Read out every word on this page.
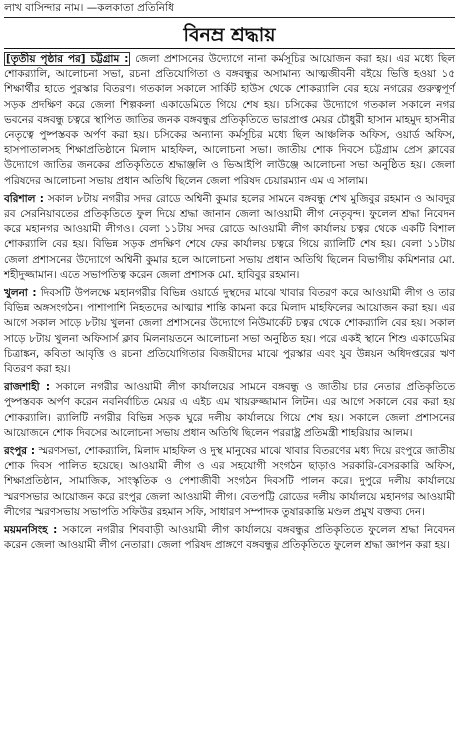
লাখ বাসিন্দার নাম। —কলকাতা প্রতিনিধি
বিনম্র শ্রদ্ধায়

[তৃতীয় পৃষ্ঠার পর] চট্টগ্রাম : জেলা প্রশাসনের উদ্যোগে নানা কর্মসূচির আয়োজন করা হয়। এর মধ্যে ছিল শোকর‍্যালি, আলোচনা সভা, রচনা প্রতিযোগিতা ও বঙ্গবন্ধুর অসামান্য আত্মজীবনী বইয়ে ভিত্তি হওয়া ১৫ শিক্ষার্থীর হাতে পুরস্কার বিতরণ। গতকাল সকালে সার্কিট হাউস থেকে শোকর‍্যালি বের হয়ে নগরের গুরুত্বপূর্ণ সড়ক প্রদক্ষিণ করে জেলা শিল্পকলা একাডেমিতে গিয়ে শেষ হয়। চসিকের উদ্যোগে গতকাল সকালে নগর ভবনের বঙ্গবন্ধু চত্বরে স্থাপিত জাতির জনক বঙ্গবন্ধুর প্রতিকৃতিতে ভারপ্রাপ্ত মেয়র চৌধুরী হাসান মাহমুদ হাসনীর নেতৃত্বে পুষ্পস্তবক অর্পণ করা হয়। চসিকের অন্যান্য কর্মসূচির মধ্যে ছিল আঞ্চলিক অফিস, ওয়ার্ড অফিস, হাসপাতালসহ শিক্ষাপ্রতিষ্ঠানে মিলাদ মাহফিল, আলোচনা সভা। জাতীয় শোক দিবসে চট্টগ্রাম প্রেস ক্লাবের উদ্যোগে জাতির জনকের প্রতিকৃতিতে শ্রদ্ধাঞ্জলি ও ভিআইপি লাউঞ্জে আলোচনা সভা অনুষ্ঠিত হয়। জেলা পরিষদের আলোচনা সভায় প্রধান অতিথি ছিলেন জেলা পরিষদ চেয়ারম্যান এম এ সালাম।

বরিশাল : সকাল ৮টায় নগরীর সদর রোডে অশ্বিনী কুমার হলের সামনে বঙ্গবন্ধু শেখ মুজিবুর রহমান ও আবদুর রব সেরনিয়াবতের প্রতিকৃতিতে ফুল দিয়ে শ্রদ্ধা জানান জেলা আওয়ামী লীগ নেতৃবৃন্দ। ফুলেল শ্রদ্ধা নিবেদন করে মহানগর আওয়ামী লীগও। বেলা ১১টায় সদর রোডে আওয়ামী লীগ কার্যালয় চত্বর থেকে একটি বিশাল শোকর‍্যালি বের হয়। বিভিন্ন সড়ক প্রদক্ষিণ শেষে ফের কার্যালয় চত্বরে গিয়ে র‍্যালিটি শেষ হয়। বেলা ১১টায় জেলা প্রশাসনের উদ্যোগে অশ্বিনী কুমার হলে আলোচনা সভায় প্রধান অতিথি ছিলেন বিভাগীয় কমিশনার মো. শহীদুজ্জামান। এতে সভাপতিত্ব করেন জেলা প্রশাসক মো. হাবিবুর রহমান।

খুলনা : দিবসটি উপলক্ষে মহানগরীর বিভিন্ন ওয়ার্ডে দুস্থদের মাঝে খাবার বিতরণ করে আওয়ামী লীগ ও তার বিভিন্ন অঙ্গসংগঠন। পাশাপাশি নিহতদের আত্মার শান্তি কামনা করে মিলাদ মাহফিলের আয়োজন করা হয়। এর আগে সকাল সাড়ে ৮টায় খুলনা জেলা প্রশাসনের উদ্যোগে নিউমার্কেট চত্বর থেকে শোকর‍্যালি বের হয়। সকাল সাড়ে ৮টায় খুলনা অফিসার্স ক্লাব মিলনায়তনে আলোচনা সভা অনুষ্ঠিত হয়। পরে একই স্থানে শিশু একাডেমির চিত্রাঙ্কন, কবিতা আবৃত্তি ও রচনা প্রতিযোগিতার বিজয়ীদের মাঝে পুরস্কার এবং যুব উন্নয়ন অধিদপ্তরের ঋণ বিতরণ করা হয়।

রাজশাহী : সকালে নগরীর আওয়ামী লীগ কার্যালয়ের সামনে বঙ্গবন্ধু ও জাতীয় চার নেতার প্রতিকৃতিতে পুষ্পস্তবক অর্পণ করেন নবনির্বাচিত মেয়র এ এইচ এম খায়রুজ্জামান লিটন। এর আগে সকালে বের করা হয় শোকর‍্যালি। র‍্যালিটি নগরীর বিভিন্ন সড়ক ঘুরে দলীয় কার্যালয়ে গিয়ে শেষ হয়। সকালে জেলা প্রশাসনের আয়োজনে শোক দিবসের আলোচনা সভায় প্রধান অতিথি ছিলেন পররাষ্ট্র প্রতিমন্ত্রী শাহরিয়ার আলম।

রংপুর : স্মরণসভা, শোকর‍্যালি, মিলাদ মাহফিল ও দুস্থ মানুষের মাঝে খাবার বিতরণের মধ্য দিয়ে রংপুরে জাতীয় শোক দিবস পালিত হয়েছে। আওয়ামী লীগ ও এর সহযোগী সংগঠন ছাড়াও সরকারি-বেসরকারি অফিস, শিক্ষাপ্রতিষ্ঠান, সামাজিক, সাংস্কৃতিক ও পেশাজীবী সংগঠন দিবসটি পালন করে। দুপুরে দলীয় কার্যালয়ে স্মরণসভার আয়োজন করে রংপুর জেলা আওয়ামী লীগ। বেতপট্টি রোডের দলীয় কার্যালয়ে মহানগর আওয়ামী লীগের স্মরণসভায় সভাপতি সফিউর রহমান সফি, সাধারণ সম্পাদক তুষারকান্তি মণ্ডল প্রমুখ বক্তব্য দেন।

ময়মনসিংহ : সকালে নগরীর শিববাড়ী আওয়ামী লীগ কার্যালয়ে বঙ্গবন্ধুর প্রতিকৃতিতে ফুলেল শ্রদ্ধা নিবেদন করেন জেলা আওয়ামী লীগ নেতারা। জেলা পরিষদ প্রাঙ্গণে বঙ্গবন্ধুর প্রতিকৃতিতে ফুলেল শ্রদ্ধা জ্ঞাপন করা হয়।
